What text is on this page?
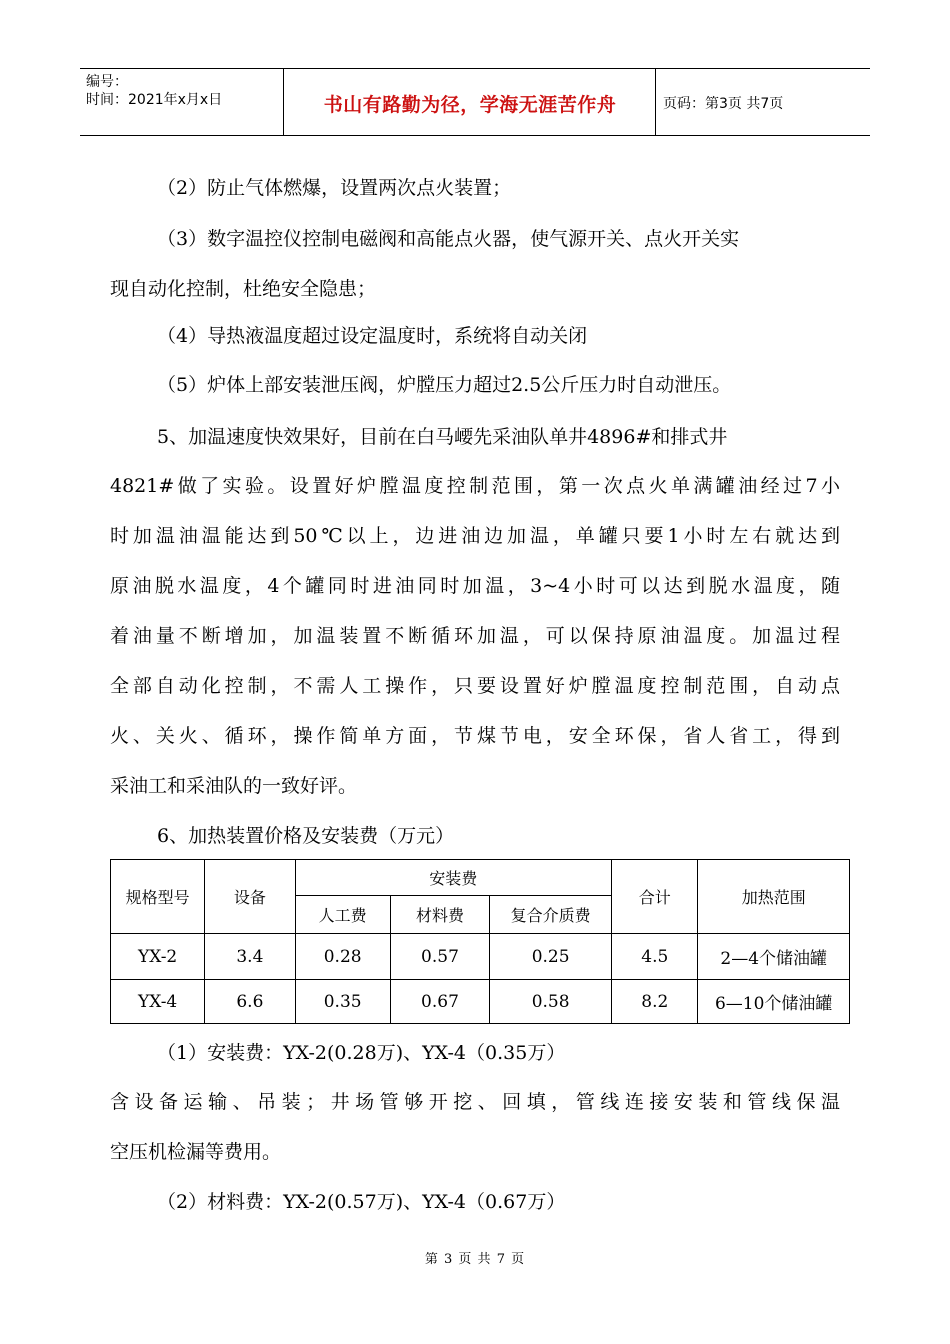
编号：
时间：2021年x月x日	书山有路勤为径，学海无涯苦作舟	页码：第3页 共7页
（2）防止气体燃爆，设置两次点火装置；
（3）数字温控仪控制电磁阀和高能点火器，使气源开关、点火开关实
现自动化控制，杜绝安全隐患；
（4）导热液温度超过设定温度时，系统将自动关闭
（5）炉体上部安装泄压阀，炉膛压力超过2.5公斤压力时自动泄压。
5、加温速度快效果好，目前在白马崾先采油队单井4896#和排式井
4821#做了实验。设置好炉膛温度控制范围，第一次点火单满罐油经过7小
时加温油温能达到50℃以上，边进油边加温，单罐只要1小时左右就达到
原油脱水温度，4个罐同时进油同时加温，3~4小时可以达到脱水温度，随
着油量不断增加，加温装置不断循环加温，可以保持原油温度。加温过程
全部自动化控制，不需人工操作，只要设置好炉膛温度控制范围，自动点
火、关火、循环，操作简单方面，节煤节电，安全环保，省人省工，得到
采油工和采油队的一致好评。
6、加热装置价格及安装费（万元）
规格型号	设备	安装费			合计	加热范围
		人工费	材料费	复合介质费		
YX-2	3.4	0.28	0.57	0.25	4.5	2—4个储油罐
YX-4	6.6	0.35	0.67	0.58	8.2	6—10个储油罐
（1）安装费：YX-2(0.28万)、YX-4（0.35万）
含设备运输、吊装；井场管够开挖、回填，管线连接安装和管线保温
空压机检漏等费用。
（2）材料费：YX-2(0.57万)、YX-4（0.67万）
第 3 页 共 7 页
